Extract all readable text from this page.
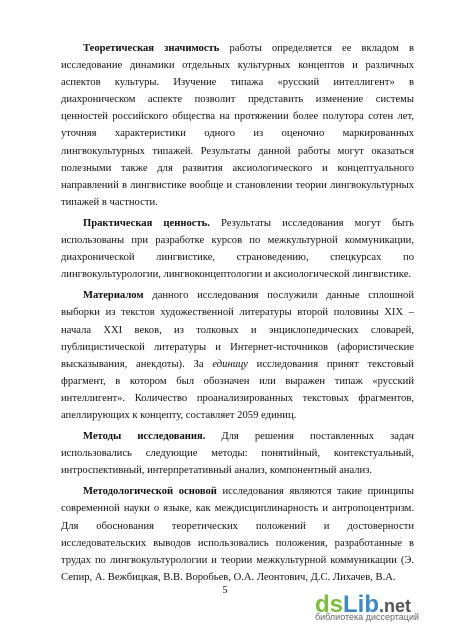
Теоретическая значимость работы определяется ее вкладом в исследование динамики отдельных культурных концептов и различных аспектов культуры. Изучение типажа «русский интеллигент» в диахроническом аспекте позволит представить изменение системы ценностей российского общества на протяжении более полутора сотен лет, уточняя характеристики одного из оценочно маркированных лингвокультурных типажей. Результаты данной работы могут оказаться полезными также для развития аксиологического и концептуального направлений в лингвистике вообще и становлении теории лингвокультурных типажей в частности.

Практическая ценность. Результаты исследования могут быть использованы при разработке курсов по межкультурной коммуникации, диахронической лингвистике, страноведению, спецкурсах по лингвокультурологии, лингвоконцептологии и аксиологической лингвистике.

Материалом данного исследования послужили данные сплошной выборки из текстов художественной литературы второй половины XIX – начала XXI веков, из толковых и энциклопедических словарей, публицистической литературы и Интернет-источников (афористические высказывания, анекдоты). За единицу исследования принят текстовый фрагмент, в котором был обозначен или выражен типаж «русский интеллигент». Количество проанализированных текстовых фрагментов, апеллирующих к концепту, составляет 2059 единиц.

Методы исследования. Для решения поставленных задач использовались следующие методы: понятийный, контекстуальный, интроспективный, интерпретативный анализ, компонентный анализ.

Методологической основой исследования являются такие принципы современной науки о языке, как междисциплинарность и антропоцентризм. Для обоснования теоретических положений и достоверности исследовательских выводов использовались положения, разработанные в трудах по лингвокультурологии и теории межкультурной коммуникации (Э. Сепир, А. Вежбицкая, В.В. Воробьев, О.А. Леонтович, Д.С. Лихачев, В.А.

5	dsLib.net
библиотека диссертаций
